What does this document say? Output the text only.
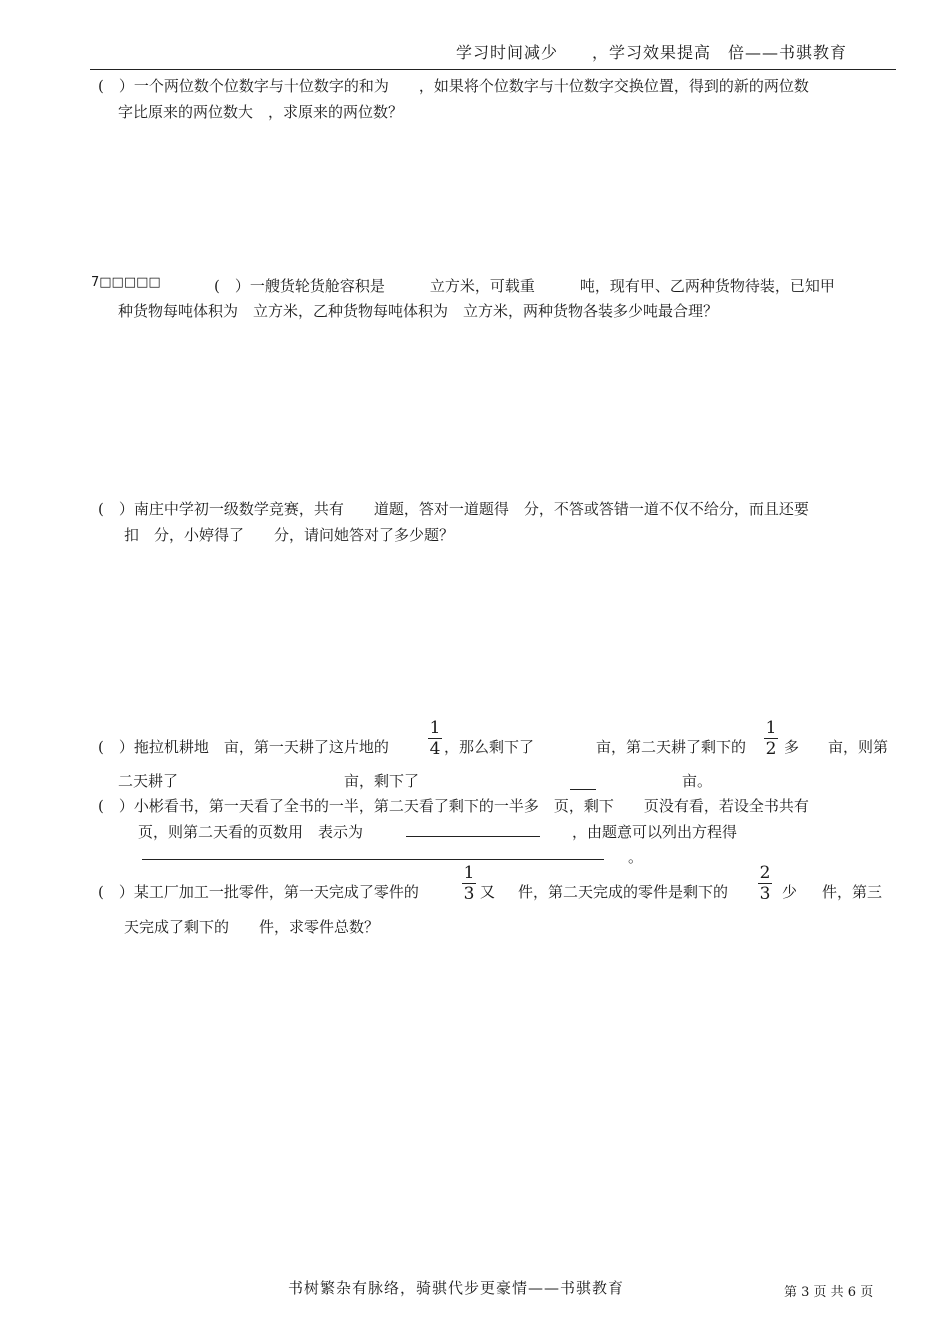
学习时间减少　　，学习效果提高　倍——书骐教育
(　）一个两位数个位数字与十位数字的和为　　，如果将个位数字与十位数字交换位置，得到的新的两位数
字比原来的两位数大　，求原来的两位数？
7□□□□□	(　）一艘货轮货舱容积是　　　立方米，可载重　　　吨，现有甲、乙两种货物待装，已知甲
种货物每吨体积为　立方米，乙种货物每吨体积为　立方米，两种货物各装多少吨最合理？
(　）南庄中学初一级数学竞赛，共有　　道题，答对一道题得　分，不答或答错一道不仅不给分，而且还要
扣　分，小婷得了　　分，请问她答对了多少题？
(　）拖拉机耕地　亩，第一天耕了这片地的
1
4 ，那么剩下了	亩，第二天耕了剩下的
1
2 多 亩，则第
二天耕了	亩，剩下了	亩。
(　）小彬看书，第一天看了全书的一半，第二天看了剩下的一半多　页，剩下　　页没有看，若设全书共有
页，则第二天看的页数用　表示为	，由题意可以列出方程得
。
(　）某工厂加工一批零件，第一天完成了零件的
1
3 又 件，第二天完成的零件是剩下的
2
3 少 件，第三
天完成了剩下的　　件，求零件总数？
书树繁杂有脉络，骑骐代步更豪情——书骐教育	第 3 页 共 6 页
